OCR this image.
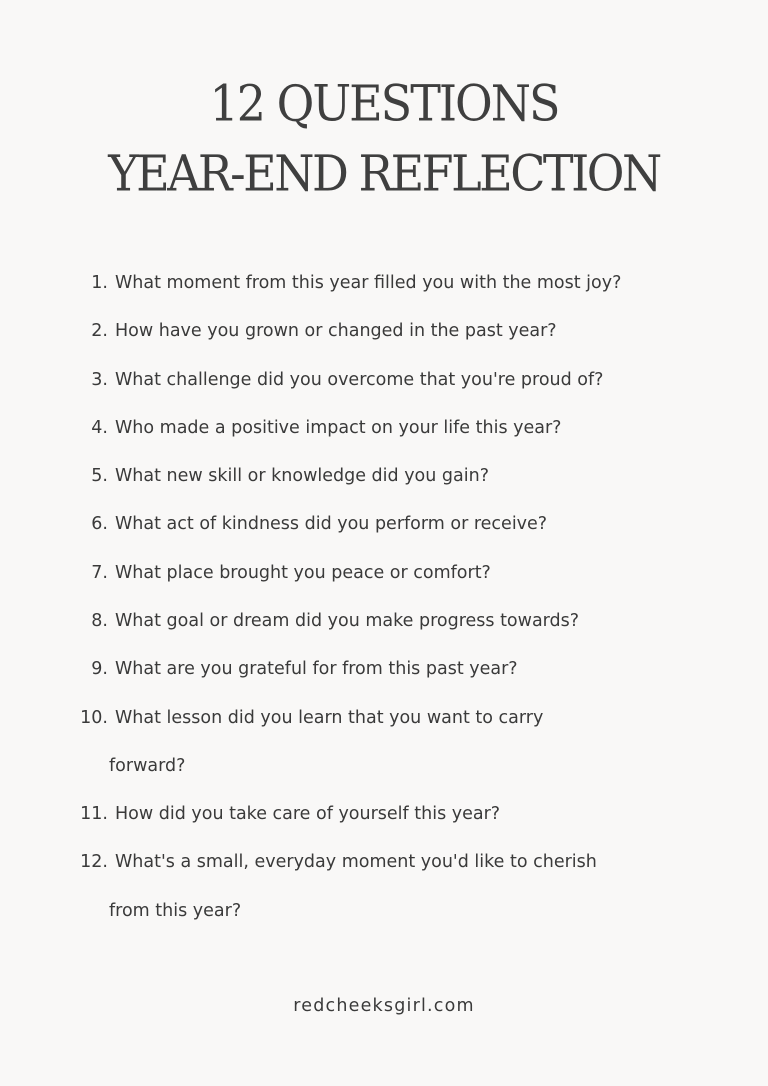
12 QUESTIONS
YEAR-END REFLECTION
1. What moment from this year filled you with the most joy?
2. How have you grown or changed in the past year?
3. What challenge did you overcome that you're proud of?
4. Who made a positive impact on your life this year?
5. What new skill or knowledge did you gain?
6. What act of kindness did you perform or receive?
7. What place brought you peace or comfort?
8. What goal or dream did you make progress towards?
9. What are you grateful for from this past year?
10. What lesson did you learn that you want to carry
forward?
11. How did you take care of yourself this year?
12. What's a small, everyday moment you'd like to cherish
from this year?
redcheeksgirl.com
